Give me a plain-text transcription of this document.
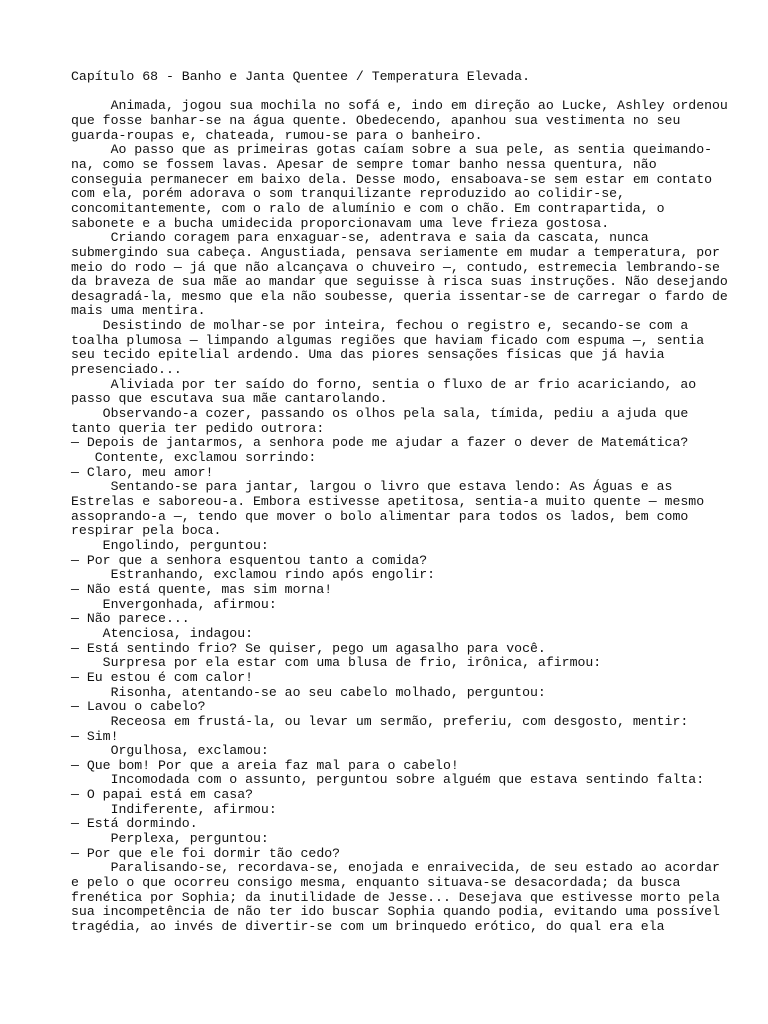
Capítulo 68 - Banho e Janta Quentee / Temperatura Elevada.
Animada, jogou sua mochila no sofá e, indo em direção ao Lucke, Ashley ordenou
que fosse banhar-se na água quente. Obedecendo, apanhou sua vestimenta no seu
guarda-roupas e, chateada, rumou-se para o banheiro.
Ao passo que as primeiras gotas caíam sobre a sua pele, as sentia queimando-
na, como se fossem lavas. Apesar de sempre tomar banho nessa quentura, não
conseguia permanecer em baixo dela. Desse modo, ensaboava-se sem estar em contato
com ela, porém adorava o som tranquilizante reproduzido ao colidir-se,
concomitantemente, com o ralo de alumínio e com o chão. Em contrapartida, o
sabonete e a bucha umidecida proporcionavam uma leve frieza gostosa.
Criando coragem para enxaguar-se, adentrava e saia da cascata, nunca
submergindo sua cabeça. Angustiada, pensava seriamente em mudar a temperatura, por
meio do rodo — já que não alcançava o chuveiro —, contudo, estremecia lembrando-se
da braveza de sua mãe ao mandar que seguisse à risca suas instruções. Não desejando
desagradá-la, mesmo que ela não soubesse, queria issentar-se de carregar o fardo de
mais uma mentira.
Desistindo de molhar-se por inteira, fechou o registro e, secando-se com a
toalha plumosa — limpando algumas regiões que haviam ficado com espuma —, sentia
seu tecido epitelial ardendo. Uma das piores sensações físicas que já havia
presenciado...
Aliviada por ter saído do forno, sentia o fluxo de ar frio acariciando, ao
passo que escutava sua mãe cantarolando.
Observando-a cozer, passando os olhos pela sala, tímida, pediu a ajuda que
tanto queria ter pedido outrora:
— Depois de jantarmos, a senhora pode me ajudar a fazer o dever de Matemática?
Contente, exclamou sorrindo:
— Claro, meu amor!
Sentando-se para jantar, largou o livro que estava lendo: As Águas e as
Estrelas e saboreou-a. Embora estivesse apetitosa, sentia-a muito quente — mesmo
assoprando-a —, tendo que mover o bolo alimentar para todos os lados, bem como
respirar pela boca.
Engolindo, perguntou:
— Por que a senhora esquentou tanto a comida?
Estranhando, exclamou rindo após engolir:
— Não está quente, mas sim morna!
Envergonhada, afirmou:
— Não parece...
Atenciosa, indagou:
— Está sentindo frio? Se quiser, pego um agasalho para você.
Surpresa por ela estar com uma blusa de frio, irônica, afirmou:
— Eu estou é com calor!
Risonha, atentando-se ao seu cabelo molhado, perguntou:
— Lavou o cabelo?
Receosa em frustá-la, ou levar um sermão, preferiu, com desgosto, mentir:
— Sim!
Orgulhosa, exclamou:
— Que bom! Por que a areia faz mal para o cabelo!
Incomodada com o assunto, perguntou sobre alguém que estava sentindo falta:
— O papai está em casa?
Indiferente, afirmou:
— Está dormindo.
Perplexa, perguntou:
— Por que ele foi dormir tão cedo?
Paralisando-se, recordava-se, enojada e enraivecida, de seu estado ao acordar
e pelo o que ocorreu consigo mesma, enquanto situava-se desacordada; da busca
frenética por Sophia; da inutilidade de Jesse... Desejava que estivesse morto pela
sua incompetência de não ter ido buscar Sophia quando podia, evitando uma possível
tragédia, ao invés de divertir-se com um brinquedo erótico, do qual era ela
